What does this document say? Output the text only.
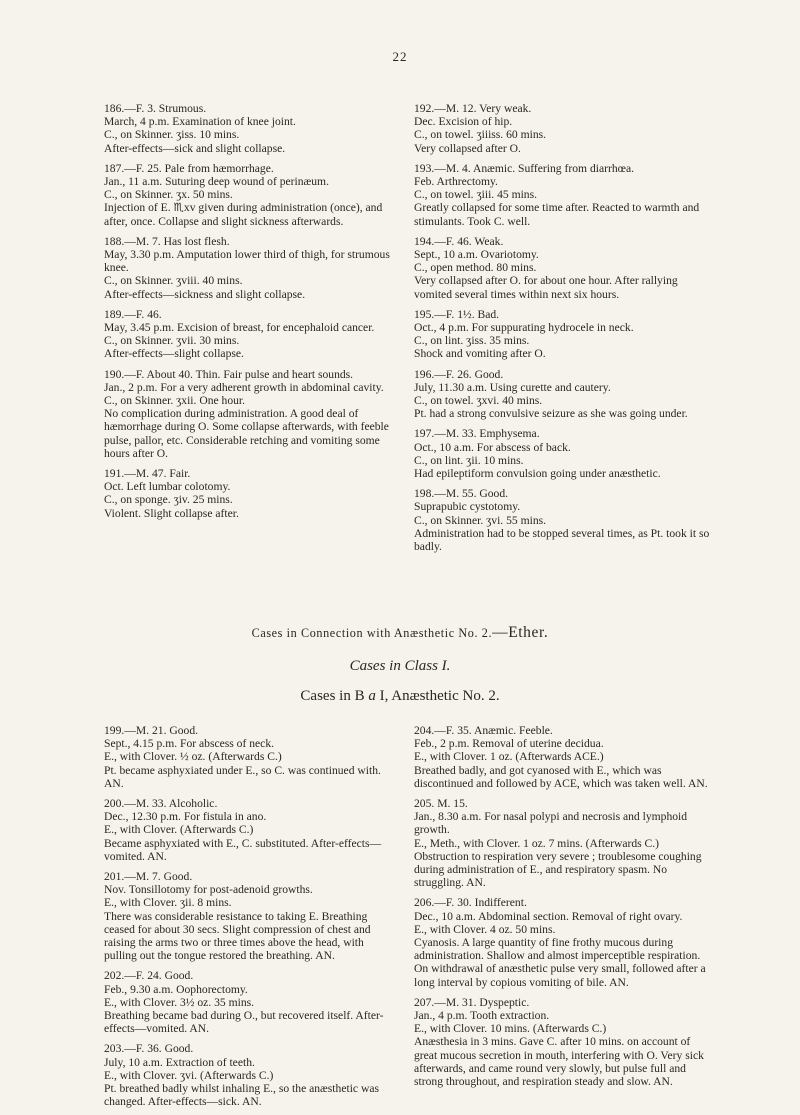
22
186.—F. 3. Strumous.
March, 4 p.m. Examination of knee joint.
C., on Skinner. ʒiss. 10 mins.
After-effects—sick and slight collapse.
187.—F. 25. Pale from hæmorrhage.
Jan., 11 a.m. Suturing deep wound of perinæum.
C., on Skinner. ʒx. 50 mins.
Injection of E. ♏︎xv given during administration (once), and after, once. Collapse and slight sickness afterwards.
188.—M. 7. Has lost flesh.
May, 3.30 p.m. Amputation lower third of thigh, for strumous knee.
C., on Skinner. ʒviii. 40 mins.
After-effects—sickness and slight collapse.
189.—F. 46.
May, 3.45 p.m. Excision of breast, for encephaloid cancer.
C., on Skinner. ʒvii. 30 mins.
After-effects—slight collapse.
190.—F. About 40. Thin. Fair pulse and heart sounds.
Jan., 2 p.m. For a very adherent growth in abdominal cavity.
C., on Skinner. ʒxii. One hour.
No complication during administration. A good deal of hæmorrhage during O. Some collapse afterwards, with feeble pulse, pallor, etc. Considerable retching and vomiting some hours after O.
191.—M. 47. Fair.
Oct. Left lumbar colotomy.
C., on sponge. ʒiv. 25 mins.
Violent. Slight collapse after.
192.—M. 12. Very weak.
Dec. Excision of hip.
C., on towel. ʒiiiss. 60 mins.
Very collapsed after O.
193.—M. 4. Anæmic. Suffering from diarrhœa.
Feb. Arthrectomy.
C., on towel. ʒiii. 45 mins.
Greatly collapsed for some time after. Reacted to warmth and stimulants. Took C. well.
194.—F. 46. Weak.
Sept., 10 a.m. Ovariotomy.
C., open method. 80 mins.
Very collapsed after O. for about one hour. After rallying vomited several times within next six hours.
195.—F. 1½. Bad.
Oct., 4 p.m. For suppurating hydrocele in neck.
C., on lint. ʒiss. 35 mins.
Shock and vomiting after O.
196.—F. 26. Good.
July, 11.30 a.m. Using curette and cautery.
C., on towel. ʒxvi. 40 mins.
Pt. had a strong convulsive seizure as she was going under.
197.—M. 33. Emphysema.
Oct., 10 a.m. For abscess of back.
C., on lint. ʒii. 10 mins.
Had epileptiform convulsion going under anæsthetic.
198.—M. 55. Good.
Suprapubic cystotomy.
C., on Skinner. ʒvi. 55 mins.
Administration had to be stopped several times, as Pt. took it so badly.
Cases in Connection with Anæsthetic No. 2.—Ether.
Cases in Class I.
Cases in B a I, Anæsthetic No. 2.
199.—M. 21. Good.
Sept., 4.15 p.m. For abscess of neck.
E., with Clover. ½ oz. (Afterwards C.)
Pt. became asphyxiated under E., so C. was continued with. AN.
200.—M. 33. Alcoholic.
Dec., 12.30 p.m. For fistula in ano.
E., with Clover. (Afterwards C.)
Became asphyxiated with E., C. substituted. After-effects—vomited. AN.
201.—M. 7. Good.
Nov. Tonsillotomy for post-adenoid growths.
E., with Clover. ʒii. 8 mins.
There was considerable resistance to taking E. Breathing ceased for about 30 secs. Slight compression of chest and raising the arms two or three times above the head, with pulling out the tongue restored the breathing. AN.
202.—F. 24. Good.
Feb., 9.30 a.m. Oophorectomy.
E., with Clover. 3½ oz. 35 mins.
Breathing became bad during O., but recovered itself. After-effects—vomited. AN.
203.—F. 36. Good.
July, 10 a.m. Extraction of teeth.
E., with Clover. ʒvi. (Afterwards C.)
Pt. breathed badly whilst inhaling E., so the anæsthetic was changed. After-effects—sick. AN.
204.—F. 35. Anæmic. Feeble.
Feb., 2 p.m. Removal of uterine decidua.
E., with Clover. 1 oz. (Afterwards ACE.)
Breathed badly, and got cyanosed with E., which was discontinued and followed by ACE, which was taken well. AN.
205. M. 15.
Jan., 8.30 a.m. For nasal polypi and necrosis and lymphoid growth.
E., Meth., with Clover. 1 oz. 7 mins. (Afterwards C.)
Obstruction to respiration very severe ; troublesome coughing during administration of E., and respiratory spasm. No struggling. AN.
206.—F. 30. Indifferent.
Dec., 10 a.m. Abdominal section. Removal of right ovary.
E., with Clover. 4 oz. 50 mins.
Cyanosis. A large quantity of fine frothy mucous during administration. Shallow and almost imperceptible respiration. On withdrawal of anæsthetic pulse very small, followed after a long interval by copious vomiting of bile. AN.
207.—M. 31. Dyspeptic.
Jan., 4 p.m. Tooth extraction.
E., with Clover. 10 mins. (Afterwards C.)
Anæsthesia in 3 mins. Gave C. after 10 mins. on account of great mucous secretion in mouth, interfering with O. Very sick afterwards, and came round very slowly, but pulse full and strong throughout, and respiration steady and slow. AN.
